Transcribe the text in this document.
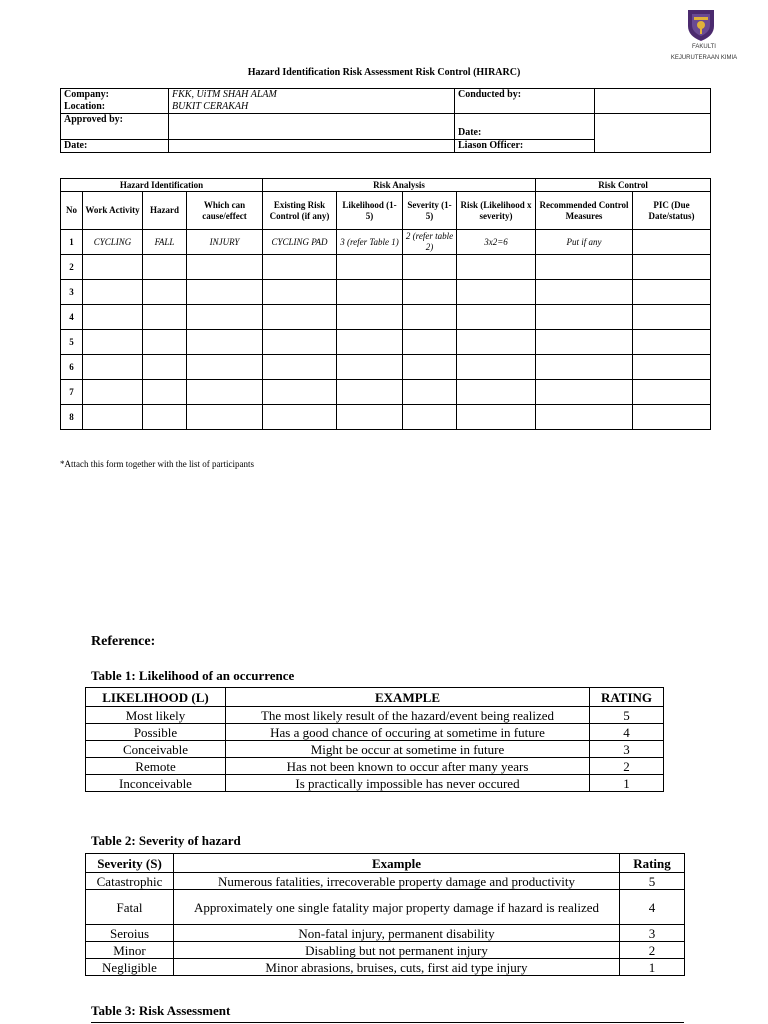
FAKULTI
KEJURUTERAAN KIMIA
Hazard Identification Risk Assessment Risk Control (HIRARC)
Company:	FKK, UiTM SHAH ALAM	Conducted by:	
Location:	BUKIT CERAKAH		
Approved by:		Date:	
Date:		Liason Officer:	
Hazard Identification				Risk Analysis				Risk Control	
No	Work Activity	Hazard	Which can cause/effect	Existing Risk Control (if any)	Likelihood (1-5)	Severity (1-5)	Risk (Likelihood x severity)	Recommended Control Measures	PIC (Due Date/status)
1	CYCLING	FALL	INJURY	CYCLING PAD	3 (refer Table 1)	2 (refer table 2)	3x2=6	Put if any	
2									
3									
4									
5									
6									
7									
8									
*Attach this form together with the list of participants
Reference:
Table 1: Likelihood of an occurrence
LIKELIHOOD (L)	EXAMPLE	RATING
Most likely	The most likely result of the hazard/event being realized	5
Possible	Has a good chance of occuring at sometime in future	4
Conceivable	Might be occur at sometime in future	3
Remote	Has not been known to occur after many years	2
Inconceivable	Is practically impossible has never occured	1
Table 2: Severity of hazard
Severity (S)	Example	Rating
Catastrophic	Numerous fatalities, irrecoverable property damage and productivity	5
Fatal	Approximately one single fatality major property damage if hazard is realized	4
Seroius	Non-fatal injury, permanent disability	3
Minor	Disabling but not permanent injury	2
Negligible	Minor abrasions, bruises, cuts, first aid type injury	1
Table 3: Risk Assessment
